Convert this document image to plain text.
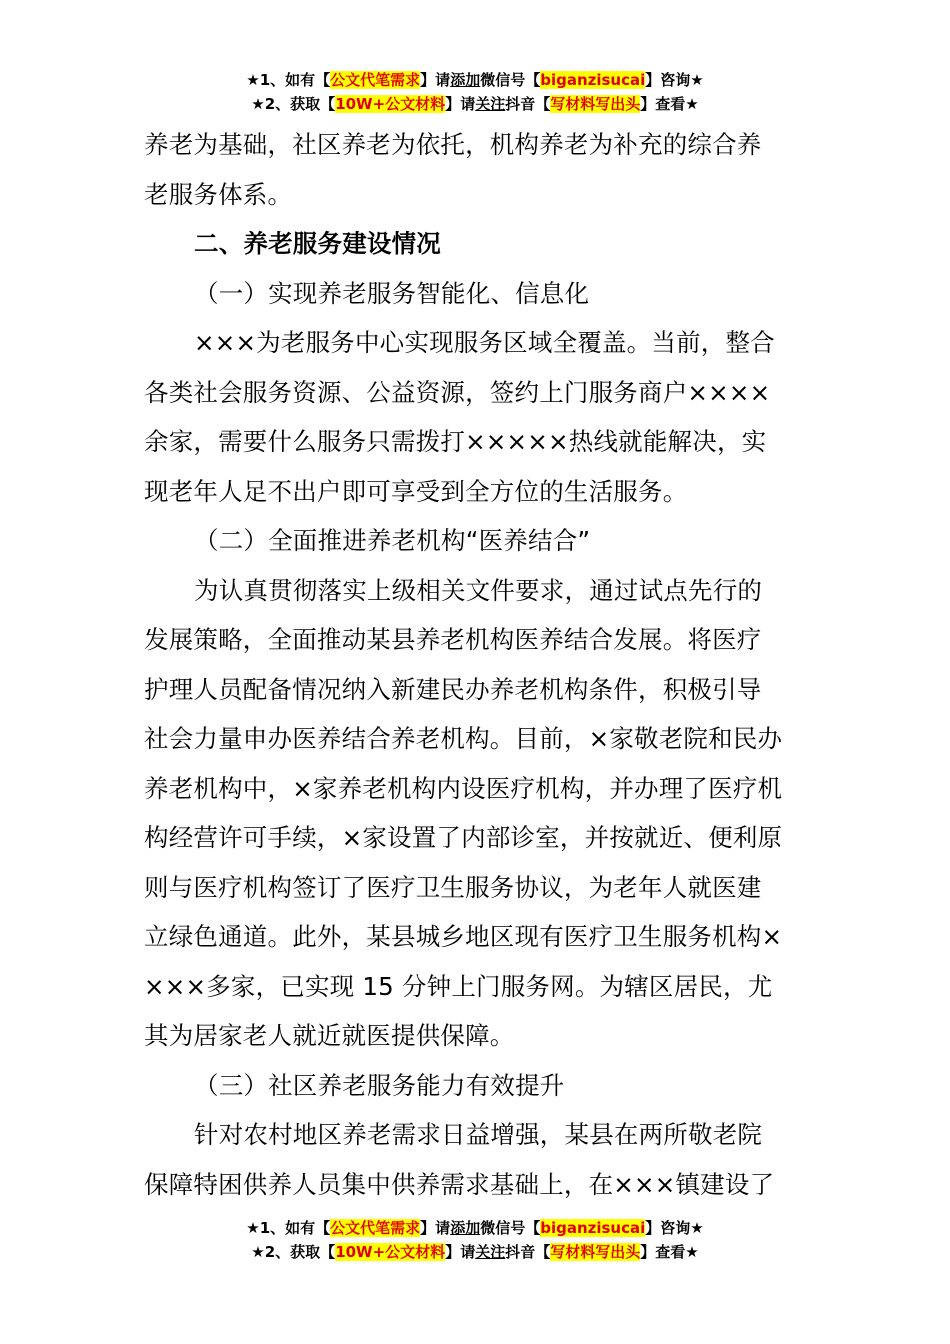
★1、如有【公文代笔需求】请添加微信号【biganzisucai】咨询★
★2、获取【10W+公文材料】请关注抖音【写材料写出头】查看★
养老为基础，社区养老为依托，机构养老为补充的综合养
老服务体系。
二、养老服务建设情况
（一）实现养老服务智能化、信息化
×××为老服务中心实现服务区域全覆盖。当前，整合
各类社会服务资源、公益资源，签约上门服务商户××××
余家，需要什么服务只需拨打×××××热线就能解决，实
现老年人足不出户即可享受到全方位的生活服务。
（二）全面推进养老机构“医养结合”
为认真贯彻落实上级相关文件要求，通过试点先行的
发展策略，全面推动某县养老机构医养结合发展。将医疗
护理人员配备情况纳入新建民办养老机构条件，积极引导
社会力量申办医养结合养老机构。目前，×家敬老院和民办
养老机构中，×家养老机构内设医疗机构，并办理了医疗机
构经营许可手续，×家设置了内部诊室，并按就近、便利原
则与医疗机构签订了医疗卫生服务协议，为老年人就医建
立绿色通道。此外，某县城乡地区现有医疗卫生服务机构×
×××多家，已实现 15 分钟上门服务网。为辖区居民，尤
其为居家老人就近就医提供保障。
（三）社区养老服务能力有效提升
针对农村地区养老需求日益增强，某县在两所敬老院
保障特困供养人员集中供养需求基础上，在×××镇建设了
★1、如有【公文代笔需求】请添加微信号【biganzisucai】咨询★
★2、获取【10W+公文材料】请关注抖音【写材料写出头】查看★
